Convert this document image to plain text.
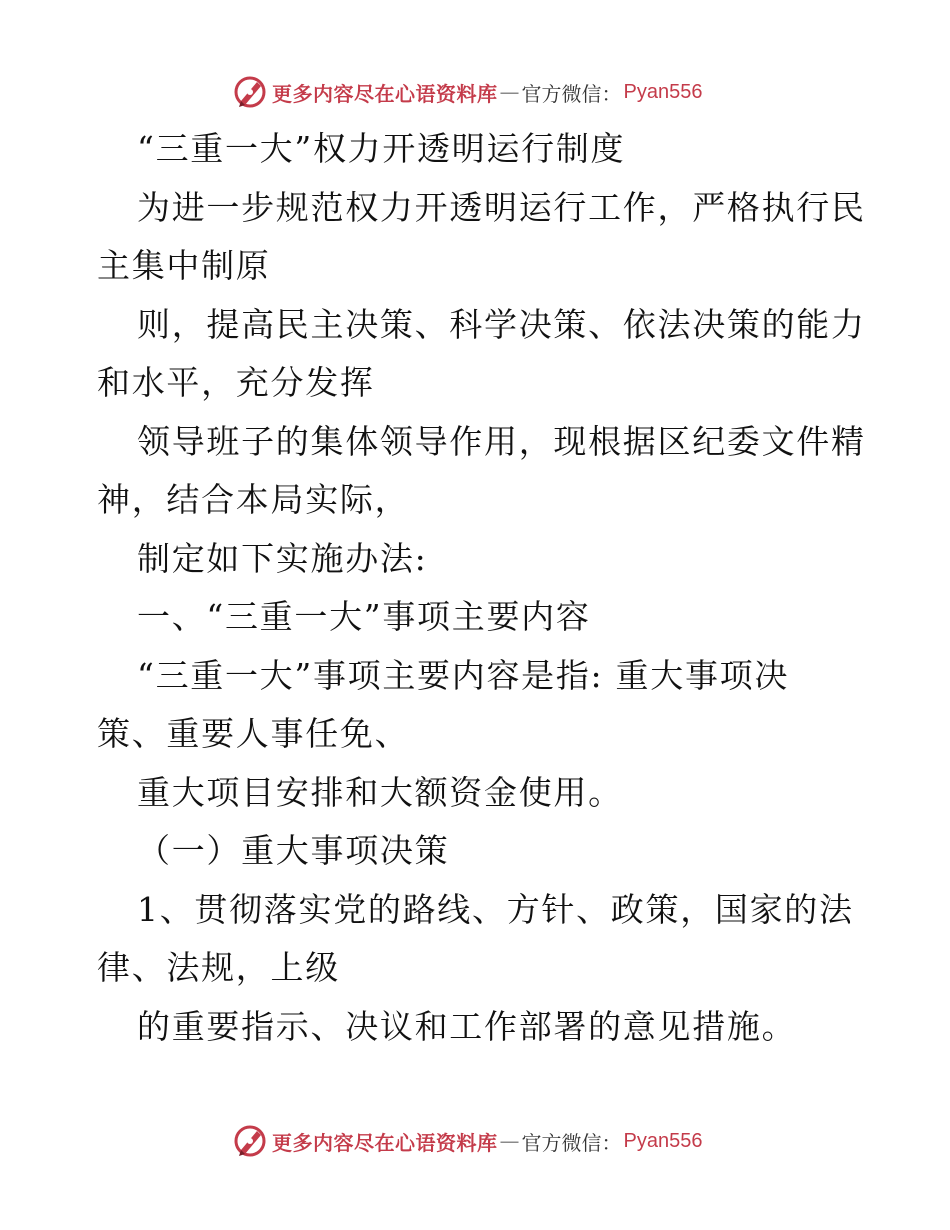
更多内容尽在心语资料库 — 官方微信： Pyan556
“三重一大”权力开透明运行制度
为进一步规范权力开透明运行工作，严格执行民
主集中制原
则，提高民主决策、科学决策、依法决策的能力
和水平，充分发挥
领导班子的集体领导作用，现根据区纪委文件精
神，结合本局实际，
制定如下实施办法:
一、“三重一大”事项主要内容
“三重一大”事项主要内容是指: 重大事项决
策、重要人事任免、
重大项目安排和大额资金使用。
（一）重大事项决策
1、贯彻落实党的路线、方针、政策，国家的法
律、法规，上级
的重要指示、决议和工作部署的意见措施。
更多内容尽在心语资料库 — 官方微信： Pyan556
